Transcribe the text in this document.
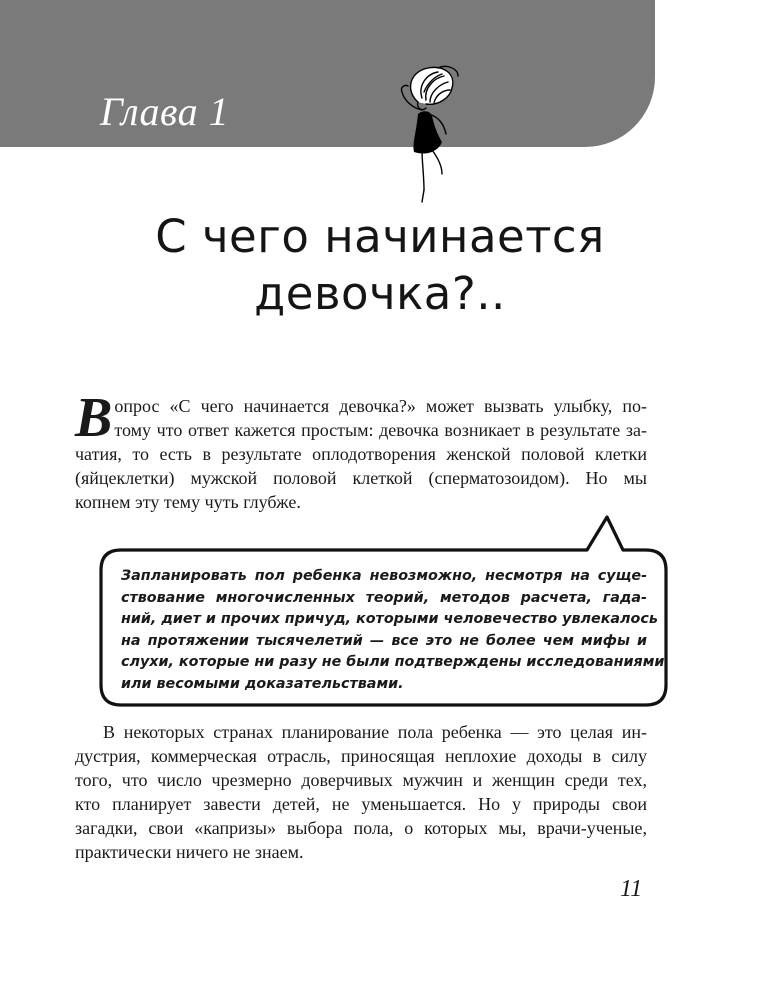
Глава 1
С чего начинается
девочка?..
В опрос «С чего начинается девочка?» может вызвать улыбку, по-
тому что ответ кажется простым: девочка возникает в результате за-
чатия, то есть в результате оплодотворения женской половой клетки
(яйцеклетки) мужской половой клеткой (сперматозоидом). Но мы
копнем эту тему чуть глубже.
Запланировать пол ребенка невозможно, несмотря на суще-
ствование многочисленных теорий, методов расчета, гада-
ний, диет и прочих причуд, которыми человечество увлекалось
на протяжении тысячелетий — все это не более чем мифы и
слухи, которые ни разу не были подтверждены исследованиями
или весомыми доказательствами.
В некоторых странах планирование пола ребенка — это целая ин-
дустрия, коммерческая отрасль, приносящая неплохие доходы в силу
того, что число чрезмерно доверчивых мужчин и женщин среди тех,
кто планирует завести детей, не уменьшается. Но у природы свои
загадки, свои «капризы» выбора пола, о которых мы, врачи-ученые,
практически ничего не знаем.
11
